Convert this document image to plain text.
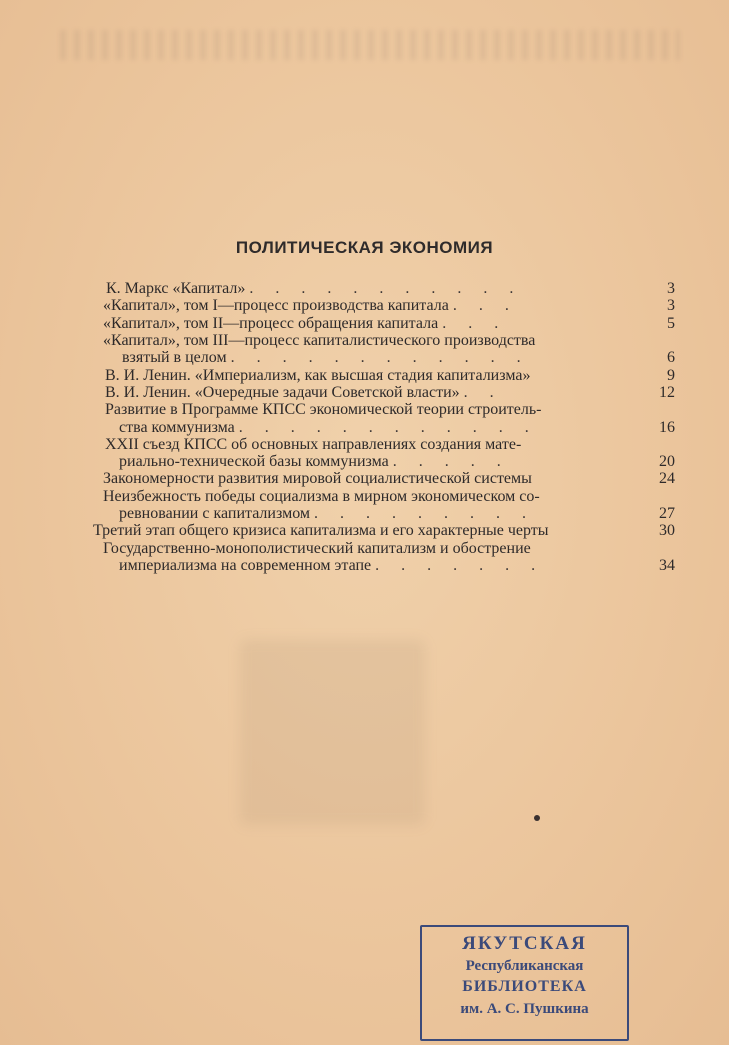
ПОЛИТИЧЕСКАЯ ЭКОНОМИЯ
К. Маркс «Капитал» . . . . . . . . . . .	3
«Капитал», том I—процесс производства капитала . . .	3
«Капитал», том II—процесс обращения капитала . . .	5
«Капитал», том III—процесс капиталистического производства
взятый в целом . . . . . . . . . . . .	6
В. И. Ленин. «Империализм, как высшая стадия капитализма»	9
В. И. Ленин. «Очередные задачи Советской власти» . .	12
Развитие в Программе КПСС экономической теории строитель-
ства коммунизма . . . . . . . . . . . .	16
XXII съезд КПСС об основных направлениях создания мате-
риально-технической базы коммунизма . . . . .	20
Закономерности развития мировой социалистической системы	24
Неизбежность победы социализма в мирном экономическом со-
ревновании с капитализмом . . . . . . . . .	27
Третий этап общего кризиса капитализма и его характерные черты	30
Государственно-монополистический капитализм и обострение
империализма на современном этапе . . . . . . .	34
ЯКУТСКАЯ
Республиканская
БИБЛИОТЕКА
им. А. С. Пушкина
